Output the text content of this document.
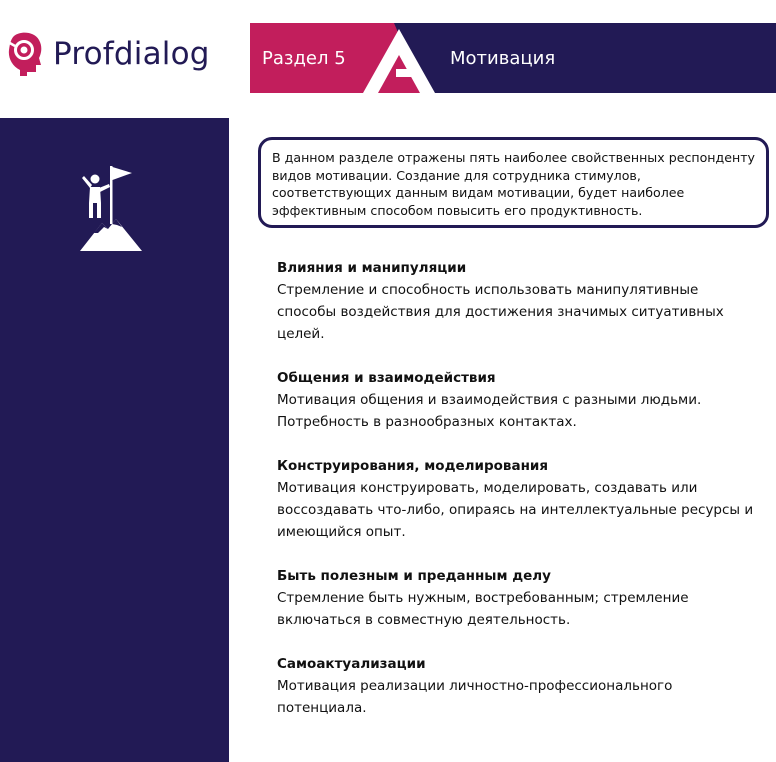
Profdialog	Раздел 5	Мотивация
В данном разделе отражены пять наиболее свойственных респонденту видов мотивации. Создание для сотрудника стимулов, соответствующих данным видам мотивации, будет наиболее эффективным способом повысить его продуктивность.
Влияния и манипуляции
Стремление и способность использовать манипулятивные способы воздействия для достижения значимых ситуативных целей.
Общения и взаимодействия
Мотивация общения и взаимодействия с разными людьми. Потребность в разнообразных контактах.
Конструирования, моделирования
Мотивация конструировать, моделировать, создавать или воссоздавать что-либо, опираясь на интеллектуальные ресурсы и имеющийся опыт.
Быть полезным и преданным делу
Стремление быть нужным, востребованным; стремление включаться в совместную деятельность.
Самоактуализации
Мотивация реализации личностно-профессионального потенциала.
